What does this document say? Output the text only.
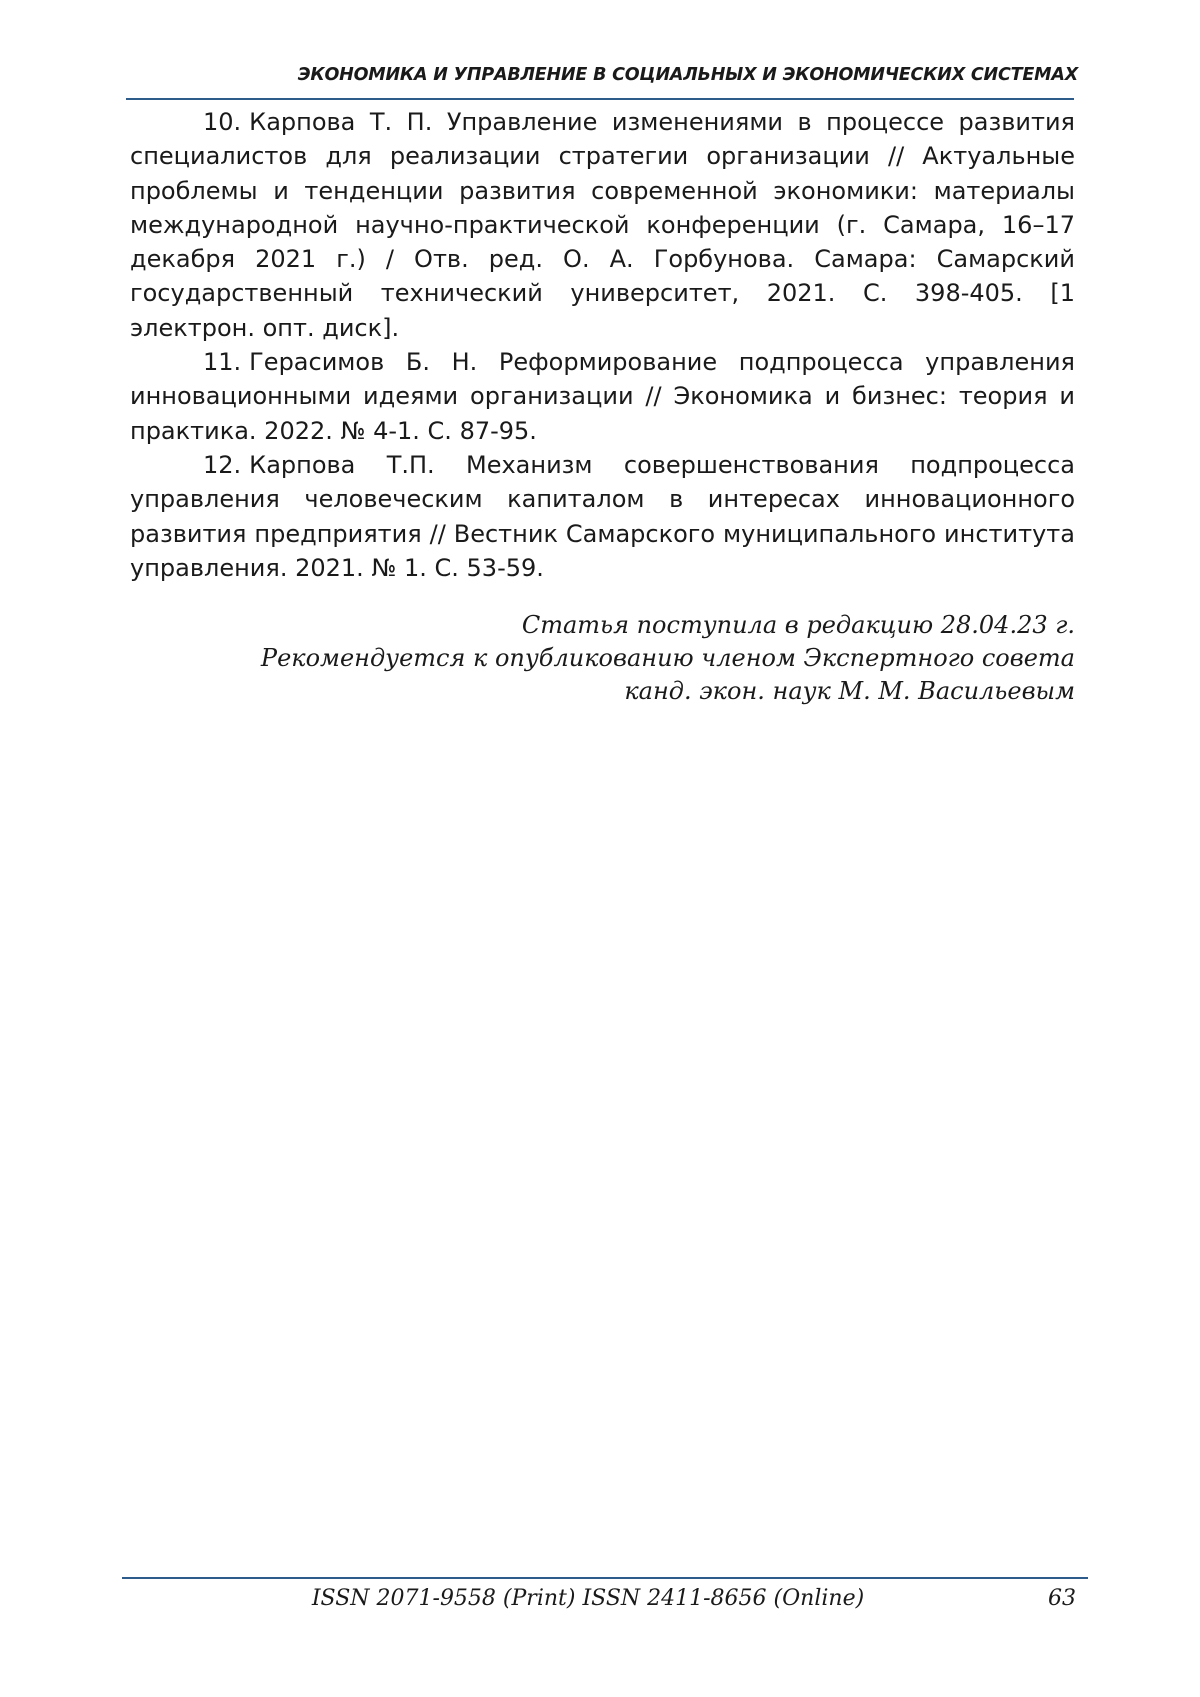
ЭКОНОМИКА И УПРАВЛЕНИЕ В СОЦИАЛЬНЫХ И ЭКОНОМИЧЕСКИХ СИСТЕМАХ

10. Карпова Т. П. Управление изменениями в процессе развития специалистов для реализации стратегии организации // Актуальные проблемы и тенденции развития современной экономики: материалы международной научно-практической конференции (г. Самара, 16–17 декабря 2021 г.) / Отв. ред. О. А. Горбунова. Самара: Самарский государственный технический университет, 2021. С. 398-405. [1 электрон. опт. диск].

11. Герасимов Б. Н. Реформирование подпроцесса управления инновационными идеями организации // Экономика и бизнес: теория и практика. 2022. № 4-1. С. 87-95.

12. Карпова Т.П. Механизм совершенствования подпроцесса управления человеческим капиталом в интересах инновационного развития предприятия // Вестник Самарского муниципального института управления. 2021. № 1. С. 53-59.

Статья поступила в редакцию 28.04.23 г.
Рекомендуется к опубликованию членом Экспертного совета
канд. экон. наук М. М. Васильевым
ISSN 2071-9558 (Print) ISSN 2411-8656 (Online)	63
